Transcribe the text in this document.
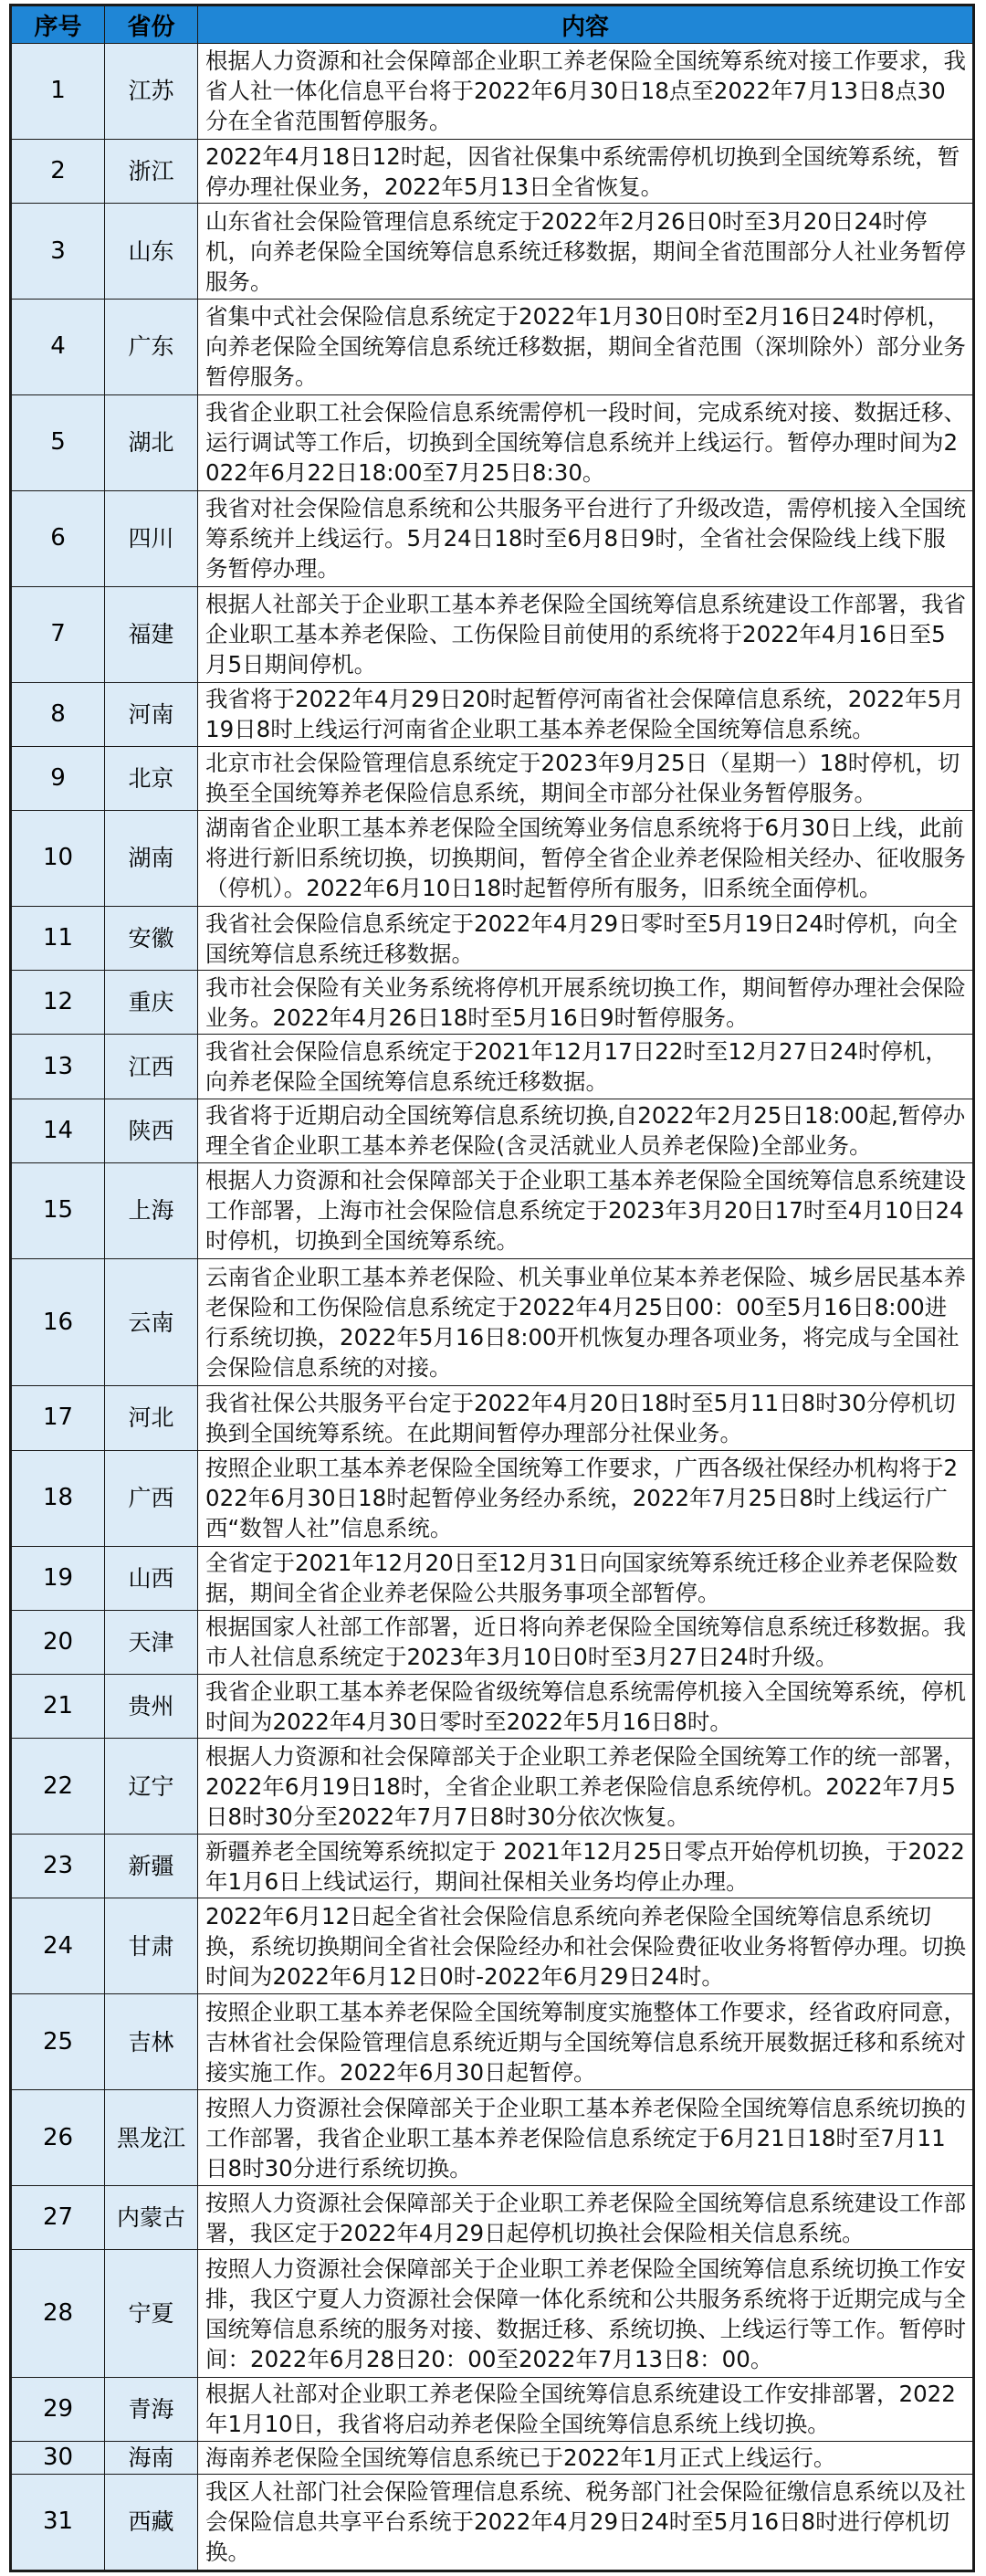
序号	省份	内容
1	江苏	根据人力资源和社会保障部企业职工养老保险全国统筹系统对接工作要求，我省人社一体化信息平台将于2022年6月30日18点至2022年7月13日8点30分在全省范围暂停服务。
2	浙江	2022年4月18日12时起，因省社保集中系统需停机切换到全国统筹系统，暂停办理社保业务，2022年5月13日全省恢复。
3	山东	山东省社会保险管理信息系统定于2022年2月26日0时至3月20日24时停机，向养老保险全国统筹信息系统迁移数据，期间全省范围部分人社业务暂停服务。
4	广东	省集中式社会保险信息系统定于2022年1月30日0时至2月16日24时停机，向养老保险全国统筹信息系统迁移数据，期间全省范围（深圳除外）部分业务暂停服务。
5	湖北	我省企业职工社会保险信息系统需停机一段时间，完成系统对接、数据迁移、运行调试等工作后，切换到全国统筹信息系统并上线运行。暂停办理时间为2022年6月22日18:00至7月25日8:30。
6	四川	我省对社会保险信息系统和公共服务平台进行了升级改造，需停机接入全国统筹系统并上线运行。5月24日18时至6月8日9时，全省社会保险线上线下服务暂停办理。
7	福建	根据人社部关于企业职工基本养老保险全国统筹信息系统建设工作部署，我省企业职工基本养老保险、工伤保险目前使用的系统将于2022年4月16日至5月5日期间停机。
8	河南	我省将于2022年4月29日20时起暂停河南省社会保障信息系统，2022年5月19日8时上线运行河南省企业职工基本养老保险全国统筹信息系统。
9	北京	北京市社会保险管理信息系统定于2023年9月25日（星期一）18时停机，切换至全国统筹养老保险信息系统，期间全市部分社保业务暂停服务。
10	湖南	湖南省企业职工基本养老保险全国统筹业务信息系统将于6月30日上线，此前将进行新旧系统切换，切换期间，暂停全省企业养老保险相关经办、征收服务（停机）。2022年6月10日18时起暂停所有服务，旧系统全面停机。
11	安徽	我省社会保险信息系统定于2022年4月29日零时至5月19日24时停机，向全国统筹信息系统迁移数据。
12	重庆	我市社会保险有关业务系统将停机开展系统切换工作，期间暂停办理社会保险业务。2022年4月26日18时至5月16日9时暂停服务。
13	江西	我省社会保险信息系统定于2021年12月17日22时至12月27日24时停机，向养老保险全国统筹信息系统迁移数据。
14	陕西	我省将于近期启动全国统筹信息系统切换,自2022年2月25日18:00起,暂停办理全省企业职工基本养老保险(含灵活就业人员养老保险)全部业务。
15	上海	根据人力资源和社会保障部关于企业职工基本养老保险全国统筹信息系统建设工作部署，上海市社会保险信息系统定于2023年3月20日17时至4月10日24时停机，切换到全国统筹系统。
16	云南	云南省企业职工基本养老保险、机关事业单位某本养老保险、城乡居民基本养老保险和工伤保险信息系统定于2022年4月25日00：00至5月16日8:00进行系统切换，2022年5月16日8:00开机恢复办理各项业务，将完成与全国社会保险信息系统的对接。
17	河北	我省社保公共服务平台定于2022年4月20日18时至5月11日8时30分停机切换到全国统筹系统。在此期间暂停办理部分社保业务。
18	广西	按照企业职工基本养老保险全国统筹工作要求，广西各级社保经办机构将于2022年6月30日18时起暂停业务经办系统，2022年7月25日8时上线运行广西“数智人社”信息系统。
19	山西	全省定于2021年12月20日至12月31日向国家统筹系统迁移企业养老保险数据，期间全省企业养老保险公共服务事项全部暂停。
20	天津	根据国家人社部工作部署，近日将向养老保险全国统筹信息系统迁移数据。我市人社信息系统定于2023年3月10日0时至3月27日24时升级。
21	贵州	我省企业职工基本养老保险省级统筹信息系统需停机接入全国统筹系统，停机时间为2022年4月30日零时至2022年5月16日8时。
22	辽宁	根据人力资源和社会保障部关于企业职工养老保险全国统筹工作的统一部署，2022年6月19日18时，全省企业职工养老保险信息系统停机。2022年7月5日8时30分至2022年7月7日8时30分依次恢复。
23	新疆	新疆养老全国统筹系统拟定于 2021年12月25日零点开始停机切换，于2022年1月6日上线试运行，期间社保相关业务均停止办理。
24	甘肃	2022年6月12日起全省社会保险信息系统向养老保险全国统筹信息系统切换，系统切换期间全省社会保险经办和社会保险费征收业务将暂停办理。切换时间为2022年6月12日0时-2022年6月29日24时。
25	吉林	按照企业职工基本养老保险全国统筹制度实施整体工作要求，经省政府同意，吉林省社会保险管理信息系统近期与全国统筹信息系统开展数据迁移和系统对接实施工作。2022年6月30日起暂停。
26	黑龙江	按照人力资源社会保障部关于企业职工基本养老保险全国统筹信息系统切换的工作部署，我省企业职工基本养老保险信息系统定于6月21日18时至7月11日8时30分进行系统切换。
27	内蒙古	按照人力资源社会保障部关于企业职工养老保险全国统筹信息系统建设工作部署，我区定于2022年4月29日起停机切换社会保险相关信息系统。
28	宁夏	按照人力资源社会保障部关于企业职工养老保险全国统筹信息系统切换工作安排，我区宁夏人力资源社会保障一体化系统和公共服务系统将于近期完成与全国统筹信息系统的服务对接、数据迁移、系统切换、上线运行等工作。暂停时间：2022年6月28日20：00至2022年7月13日8：00。
29	青海	根据人社部对企业职工养老保险全国统筹信息系统建设工作安排部署，2022年1月10日，我省将启动养老保险全国统筹信息系统上线切换。
30	海南	海南养老保险全国统筹信息系统已于2022年1月正式上线运行。
31	西藏	我区人社部门社会保险管理信息系统、税务部门社会保险征缴信息系统以及社会保险信息共享平台系统于2022年4月29日24时至5月16日8时进行停机切换。
